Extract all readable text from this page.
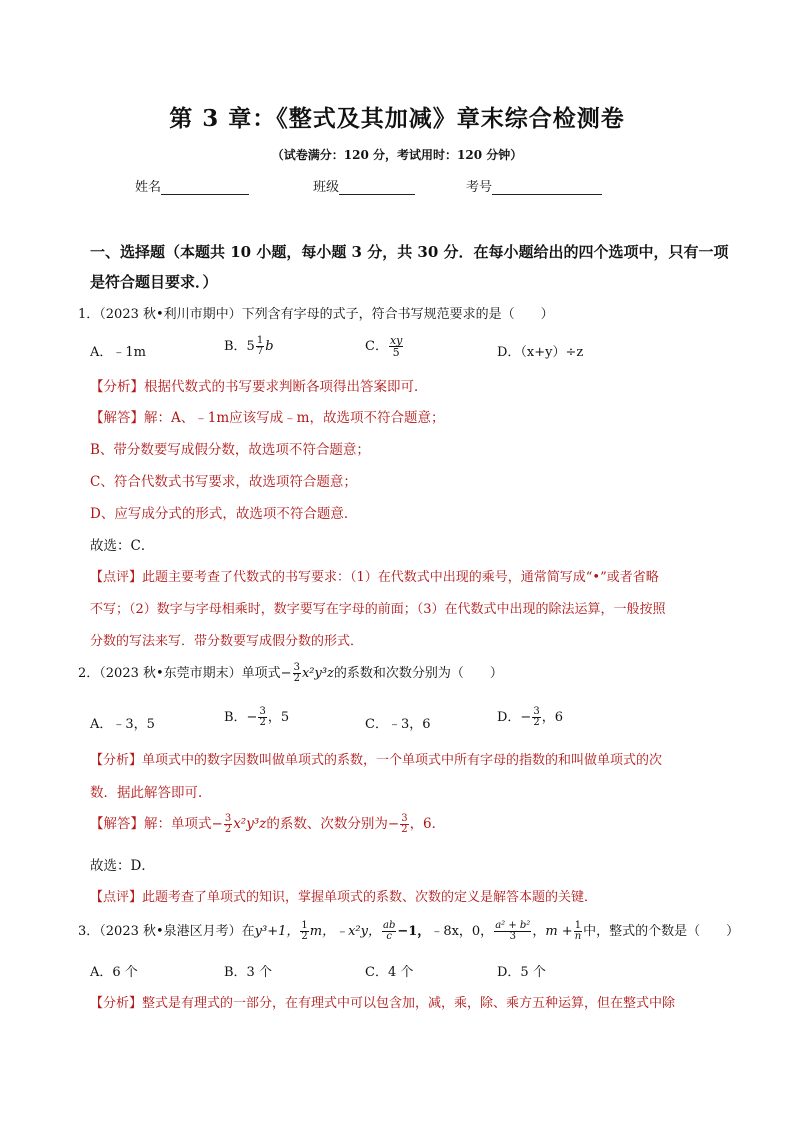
第 3 章：《整式及其加减》章末综合检测卷
（试卷满分：120 分，考试用时：120 分钟）
姓名	班级	考号
一、选择题（本题共 10 小题，每小题 3 分，共 30 分．在每小题给出的四个选项中，只有一项
是符合题目要求．）
1．（2023 秋•利川市期中）下列含有字母的式子，符合书写规范要求的是（　　）
A．﹣1m	B．$5 \frac{1}{7}$ b	C． $\frac{xy}{5}$	D．（x+y）÷z
【分析】根据代数式的书写要求判断各项得出答案即可．
【解答】解：A、﹣1m应该写成﹣m，故选项不符合题意；
B、带分数要写成假分数，故选项不符合题意；
C、符合代数式书写要求，故选项符合题意；
D、应写成分式的形式，故选项不符合题意．
故选：C．
【点评】此题主要考查了代数式的书写要求：（1）在代数式中出现的乘号，通常简写成“•”或者省略
不写；（2）数字与字母相乘时，数字要写在字母的前面；（3）在代数式中出现的除法运算，一般按照
分数的写法来写．带分数要写成假分数的形式．
2．（2023 秋•东莞市期末）单项式− $\frac{3}{2} x^2y^3z$的系数和次数分别为（　　）
A．﹣3，5	B．− $\frac{3}{2}$ ，5	C．﹣3，6	D．− $\frac{3}{2}$ ，6
【分析】单项式中的数字因数叫做单项式的系数，一个单项式中所有字母的指数的和叫做单项式的次
数．据此解答即可．
【解答】解：单项式− $\frac{3}{2} x^2y^3z$的系数、次数分别为− $\frac{3}{2}$ ，6．
故选：D．
【点评】此题考查了单项式的知识，掌握单项式的系数、次数的定义是解答本题的关键．
3．（2023 秋•泉港区月考）在y³+1， $\frac{1}{2}$ m，﹣x²y， $\frac{ab}{c} -1$，﹣8x，0， $\frac{\text{a² + b²}}{3}$ ，$m + \frac{1}{n}$ 中，整式的个数是（　　）
A．6 个	B．3 个	C．4 个	D．5 个
【分析】整式是有理式的一部分，在有理式中可以包含加，减，乘，除、乘方五种运算，但在整式中除
